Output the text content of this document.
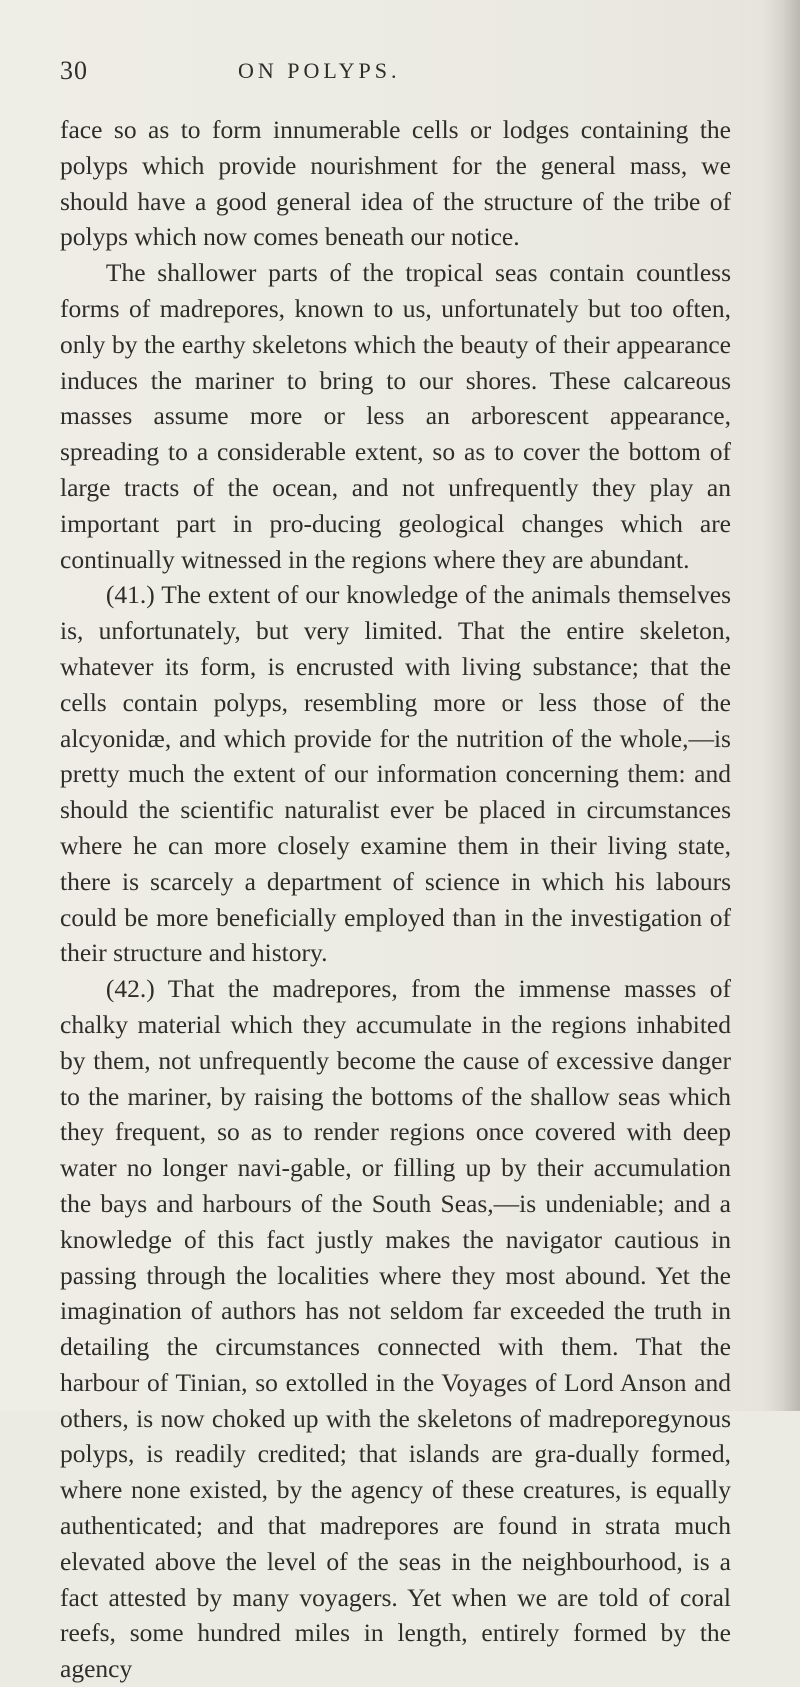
30	ON POLYPS.

face so as to form innumerable cells or lodges containing the polyps which provide nourishment for the general mass, we should have a good general idea of the structure of the tribe of polyps which now comes beneath our notice.

The shallower parts of the tropical seas contain countless forms of madrepores, known to us, unfortunately but too often, only by the earthy skeletons which the beauty of their appearance induces the mariner to bring to our shores. These calcareous masses assume more or less an arborescent appearance, spreading to a considerable extent, so as to cover the bottom of large tracts of the ocean, and not unfrequently they play an important part in pro-ducing geological changes which are continually witnessed in the regions where they are abundant.

(41.) The extent of our knowledge of the animals themselves is, unfortunately, but very limited. That the entire skeleton, whatever its form, is encrusted with living substance; that the cells contain polyps, resembling more or less those of the alcyonidæ, and which provide for the nutrition of the whole,—is pretty much the extent of our information concerning them: and should the scientific naturalist ever be placed in circumstances where he can more closely examine them in their living state, there is scarcely a department of science in which his labours could be more beneficially employed than in the investigation of their structure and history.

(42.) That the madrepores, from the immense masses of chalky material which they accumulate in the regions inhabited by them, not unfrequently become the cause of excessive danger to the mariner, by raising the bottoms of the shallow seas which they frequent, so as to render regions once covered with deep water no longer navi-gable, or filling up by their accumulation the bays and harbours of the South Seas,—is undeniable; and a knowledge of this fact justly makes the navigator cautious in passing through the localities where they most abound. Yet the imagination of authors has not seldom far exceeded the truth in detailing the circumstances connected with them. That the harbour of Tinian, so extolled in the Voyages of Lord Anson and others, is now choked up with the skeletons of madreporegynous polyps, is readily credited; that islands are gra-dually formed, where none existed, by the agency of these creatures, is equally authenticated; and that madrepores are found in strata much elevated above the level of the seas in the neighbourhood, is a fact attested by many voyagers. Yet when we are told of coral reefs, some hundred miles in length, entirely formed by the agency
